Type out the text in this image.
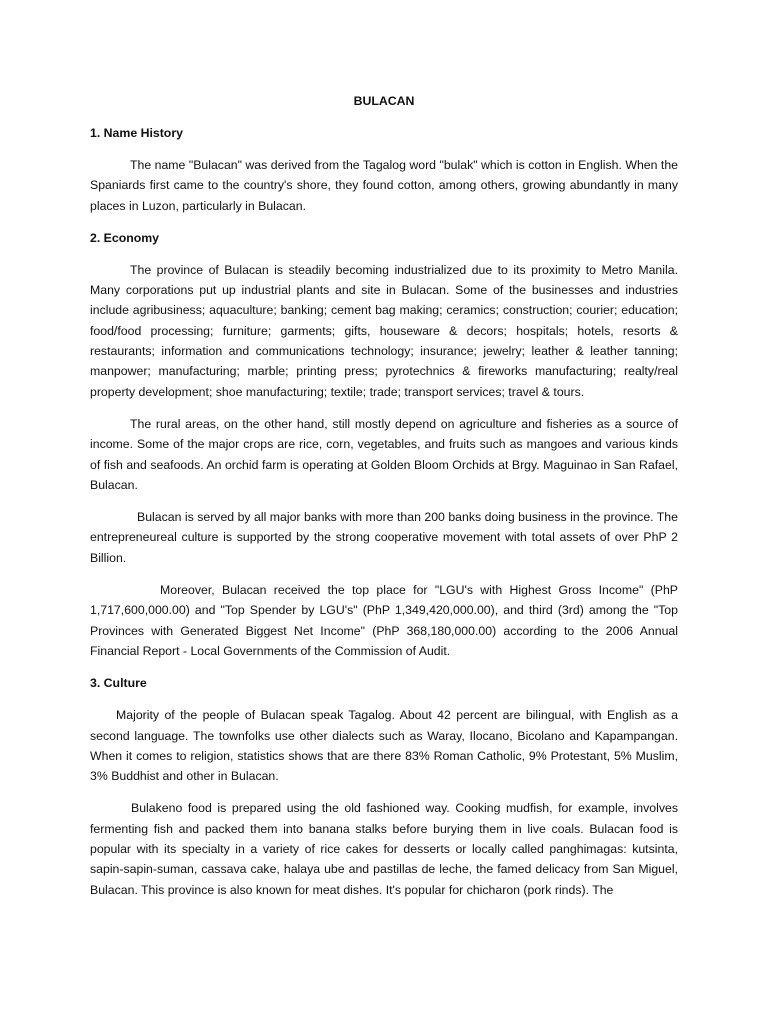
BULACAN
1. Name History

The name "Bulacan" was derived from the Tagalog word "bulak" which is cotton in English. When the Spaniards first came to the country's shore, they found cotton, among others, growing abundantly in many places in Luzon, particularly in Bulacan.

2. Economy

The province of Bulacan is steadily becoming industrialized due to its proximity to Metro Manila. Many corporations put up industrial plants and site in Bulacan. Some of the businesses and industries include agribusiness; aquaculture; banking; cement bag making; ceramics; construction; courier; education; food/food processing; furniture; garments; gifts, houseware & decors; hospitals; hotels, resorts & restaurants; information and communications technology; insurance; jewelry; leather & leather tanning; manpower; manufacturing; marble; printing press; pyrotechnics & fireworks manufacturing; realty/real property development; shoe manufacturing; textile; trade; transport services; travel & tours.

The rural areas, on the other hand, still mostly depend on agriculture and fisheries as a source of income. Some of the major crops are rice, corn, vegetables, and fruits such as mangoes and various kinds of fish and seafoods. An orchid farm is operating at Golden Bloom Orchids at Brgy. Maguinao in San Rafael, Bulacan.

Bulacan is served by all major banks with more than 200 banks doing business in the province. The entrepreneureal culture is supported by the strong cooperative movement with total assets of over PhP 2 Billion.

Moreover, Bulacan received the top place for "LGU's with Highest Gross Income" (PhP 1,717,600,000.00) and "Top Spender by LGU's" (PhP 1,349,420,000.00), and third (3rd) among the "Top Provinces with Generated Biggest Net Income" (PhP 368,180,000.00) according to the 2006 Annual Financial Report - Local Governments of the Commission of Audit.

3. Culture

Majority of the people of Bulacan speak Tagalog. About 42 percent are bilingual, with English as a second language. The townfolks use other dialects such as Waray, Ilocano, Bicolano and Kapampangan. When it comes to religion, statistics shows that are there 83% Roman Catholic, 9% Protestant, 5% Muslim, 3% Buddhist and other in Bulacan.

Bulakeno food is prepared using the old fashioned way. Cooking mudfish, for example, involves fermenting fish and packed them into banana stalks before burying them in live coals. Bulacan food is popular with its specialty in a variety of rice cakes for desserts or locally called panghimagas: kutsinta, sapin-sapin-suman, cassava cake, halaya ube and pastillas de leche, the famed delicacy from San Miguel, Bulacan. This province is also known for meat dishes. It's popular for chicharon (pork rinds). The
